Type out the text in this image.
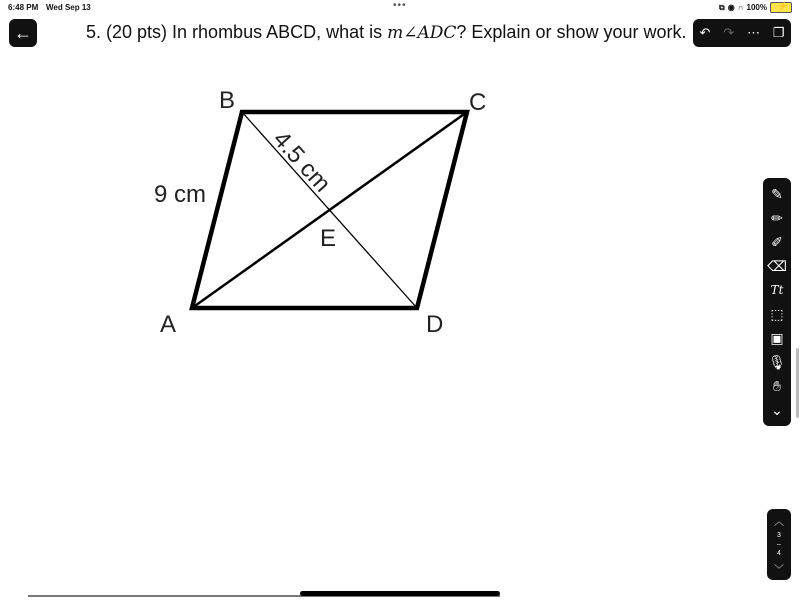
6:48 PM Wed Sep 13	•••	⧉ ◉ ∩ 100% ⚡
←	5. (20 pts) In rhombus ABCD, what is m∠ADC? Explain or show your work. ↶ ↷ ⋯ ❐
B	C
A	D
E
9 cm	4.5 cm	✎
✏
✐
⌫
Tt
⬚
▣
🎙︎
✋︎
⌄
︿
3
–
4
﹀
